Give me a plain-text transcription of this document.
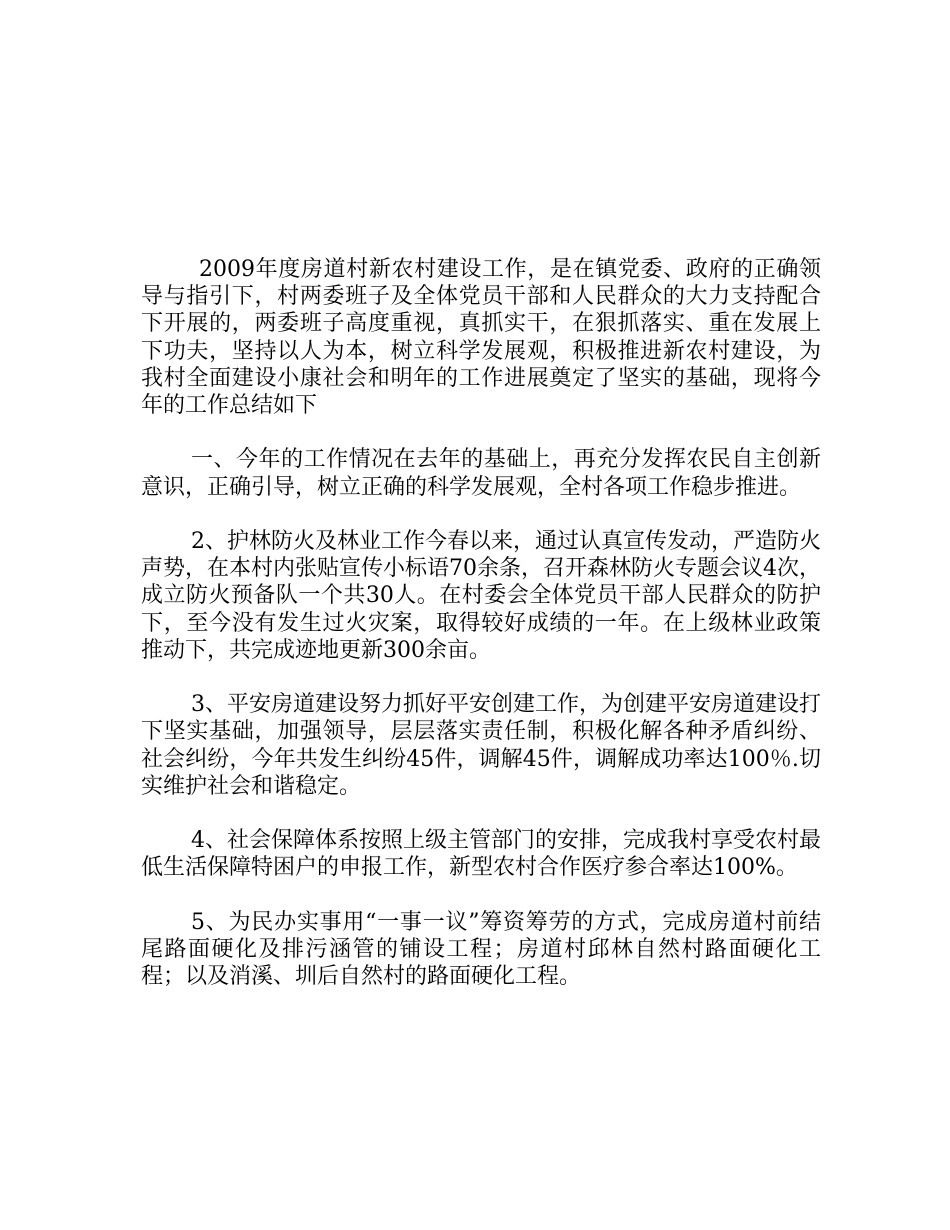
2009年度房道村新农村建设工作，是在镇党委、政府的正确领导与指引下，村两委班子及全体党员干部和人民群众的大力支持配合下开展的，两委班子高度重视，真抓实干，在狠抓落实、重在发展上下功夫，坚持以人为本，树立科学发展观，积极推进新农村建设，为我村全面建设小康社会和明年的工作进展奠定了坚实的基础，现将今年的工作总结如下

一、今年的工作情况在去年的基础上，再充分发挥农民自主创新意识，正确引导，树立正确的科学发展观，全村各项工作稳步推进。

2、护林防火及林业工作今春以来，通过认真宣传发动，严造防火声势，在本村内张贴宣传小标语70余条，召开森林防火专题会议4次，成立防火预备队一个共30人。在村委会全体党员干部人民群众的防护下，至今没有发生过火灾案，取得较好成绩的一年。在上级林业政策推动下，共完成迹地更新300余亩。

3、平安房道建设努力抓好平安创建工作，为创建平安房道建设打下坚实基础，加强领导，层层落实责任制，积极化解各种矛盾纠纷、社会纠纷，今年共发生纠纷45件，调解45件，调解成功率达100％.切实维护社会和谐稳定。

4、社会保障体系按照上级主管部门的安排，完成我村享受农村最低生活保障特困户的申报工作，新型农村合作医疗参合率达100%。

5、为民办实事用“一事一议”筹资筹劳的方式，完成房道村前结尾路面硬化及排污涵管的铺设工程；房道村邱林自然村路面硬化工程；以及消溪、圳后自然村的路面硬化工程。
